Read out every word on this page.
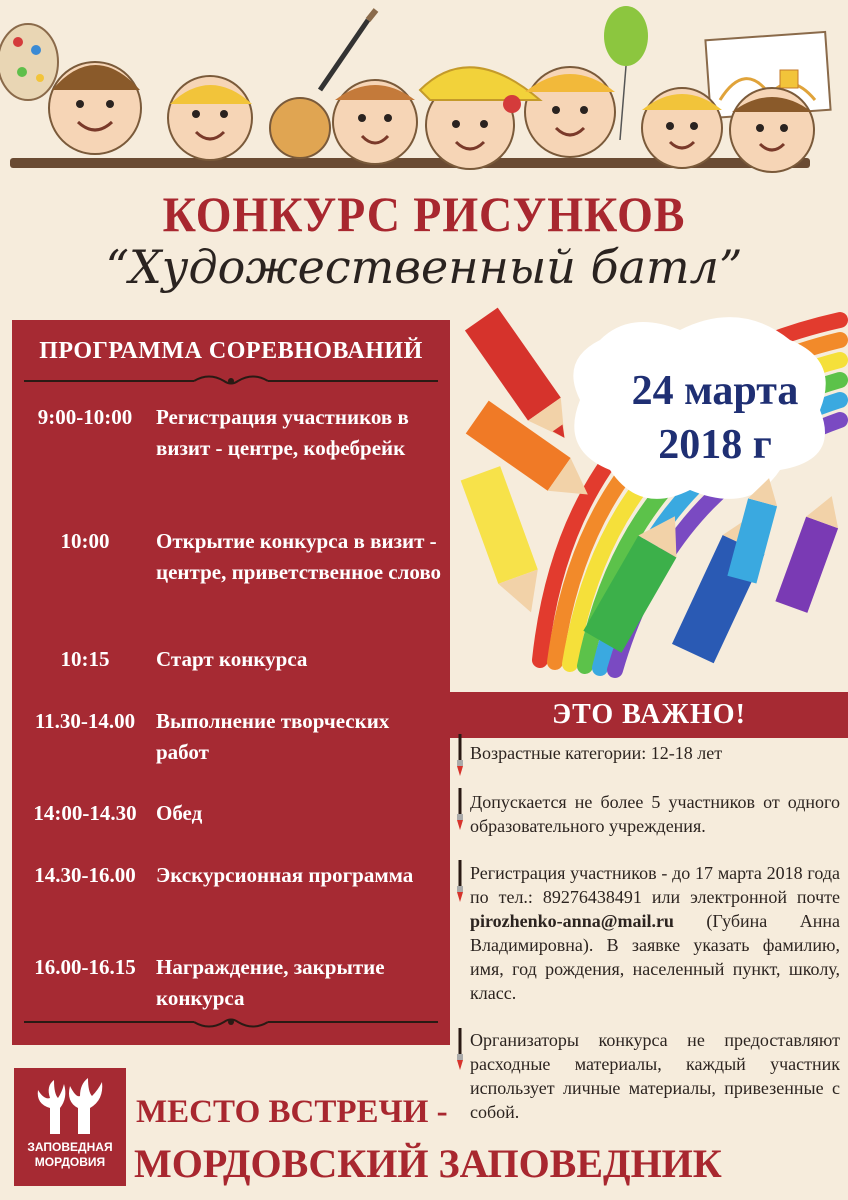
КОНКУРС РИСУНКОВ
“Художественный батл”
ПРОГРАММА СОРЕВНОВАНИЙ
9:00-10:00	Регистрация участников в визит - центре, кофебрейк
10:00	Открытие конкурса в визит - центре, приветственное слово
10:15	Старт конкурса
11.30-14.00 Выполнение творческих работ
14:00-14.30 Обед
14.30-16.00 Экскурсионная программа
16.00-16.15 Награждение, закрытие конкурса
24 марта
2018 г
ЭТО ВАЖНО!
Возрастные категории: 12-18 лет
Допускается не более 5 участников от одного образовательного учреждения.
Регистрация участников - до 17 марта 2018 года по тел.: 89276438491 или электронной почте pirozhenko-anna@mail.ru (Губина Анна Владимировна). В заявке указать фамилию, имя, год рождения, населенный пункт, школу, класс.
Организаторы конкурса не предоставляют расходные материалы, каждый участник использует личные материалы, привезенные с собой.
ЗАПОВЕДНАЯ
МОРДОВИЯ
МЕСТО ВСТРЕЧИ -
МОРДОВСКИЙ ЗАПОВЕДНИК
